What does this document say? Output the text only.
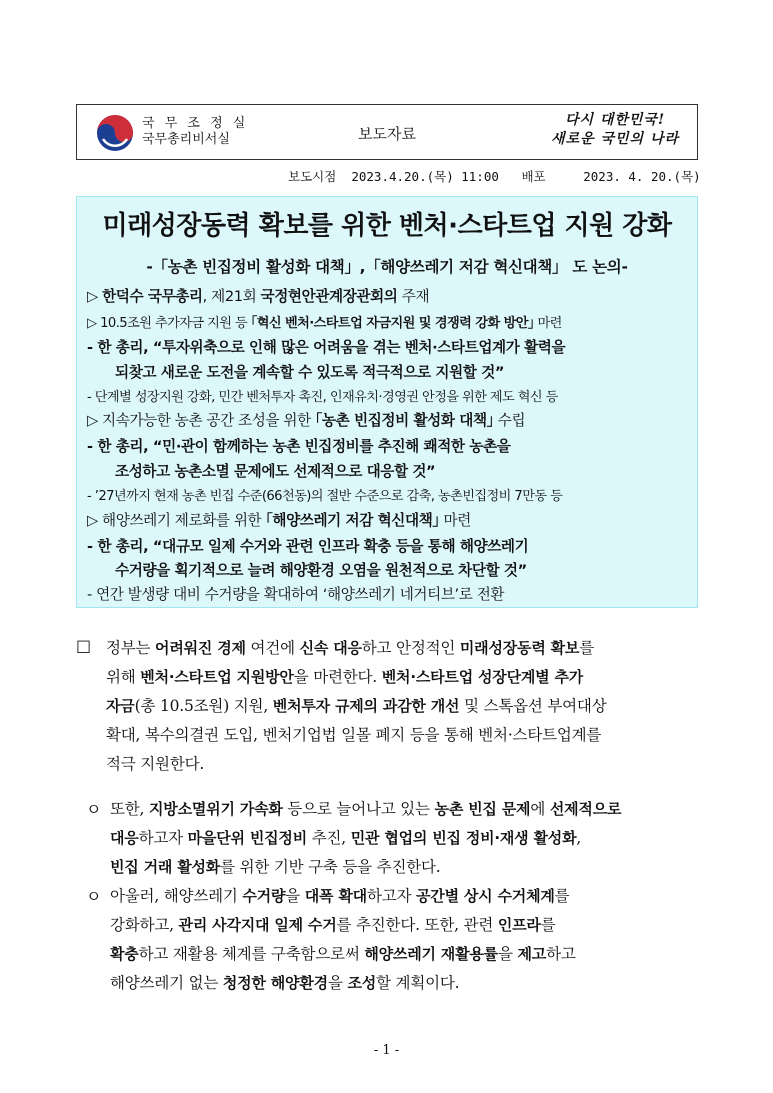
국 무 조 정 실
국무총리비서실	보도자료
다시 대한민국!
새로운 국민의 나라
보도시점  2023.4.20.(목) 11:00   배포     2023. 4. 20.(목)
미래성장동력 확보를 위한 벤처·스타트업 지원 강화
-「농촌 빈집정비 활성화 대책」,「해양쓰레기 저감 혁신대책」 도 논의-
▷ 한덕수 국무총리, 제21회 국정현안관계장관회의 주재
▷ 10.5조원 추가자금 지원 등 ｢혁신 벤처·스타트업 자금지원 및 경쟁력 강화 방안｣ 마련
- 한 총리, “투자위축으로 인해 많은 어려움을 겪는 벤처·스타트업계가 활력을
되찾고 새로운 도전을 계속할 수 있도록 적극적으로 지원할 것”
- 단계별 성장지원 강화, 민간 벤처투자 촉진, 인재유치·경영권 안정을 위한 제도 혁신 등
▷ 지속가능한 농촌 공간 조성을 위한 ｢농촌 빈집정비 활성화 대책｣ 수립
- 한 총리, “민·관이 함께하는 농촌 빈집정비를 추진해 쾌적한 농촌을
조성하고 농촌소멸 문제에도 선제적으로 대응할 것”
- ’27년까지 현재 농촌 빈집 수준(66천동)의 절반 수준으로 감축, 농촌빈집정비 7만동 등
▷ 해양쓰레기 제로화를 위한 ｢해양쓰레기 저감 혁신대책｣ 마련
- 한 총리, “대규모 일제 수거와 관련 인프라 확충 등을 통해 해양쓰레기
수거량을 획기적으로 늘려 해양환경 오염을 원천적으로 차단할 것”
- 연간 발생량 대비 수거량을 확대하여 ‘해양쓰레기 네거티브’로 전환
□ 정부는 어려워진 경제 여건에 신속 대응하고 안정적인 미래성장동력 확보를
위해 벤처·스타트업 지원방안을 마련한다. 벤처·스타트업 성장단계별 추가
자금(총 10.5조원) 지원, 벤처투자 규제의 과감한 개선 및 스톡옵션 부여대상
확대, 복수의결권 도입, 벤처기업법 일몰 폐지 등을 통해 벤처·스타트업계를
적극 지원한다.
ㅇ 또한, 지방소멸위기 가속화 등으로 늘어나고 있는 농촌 빈집 문제에 선제적으로
대응하고자 마을단위 빈집정비 추진, 민관 협업의 빈집 정비·재생 활성화,
빈집 거래 활성화를 위한 기반 구축 등을 추진한다.
ㅇ 아울러, 해양쓰레기 수거량을 대폭 확대하고자 공간별 상시 수거체계를
강화하고, 관리 사각지대 일제 수거를 추진한다. 또한, 관련 인프라를
확충하고 재활용 체계를 구축함으로써 해양쓰레기 재활용률을 제고하고
해양쓰레기 없는 청정한 해양환경을 조성할 계획이다.
- 1 -
